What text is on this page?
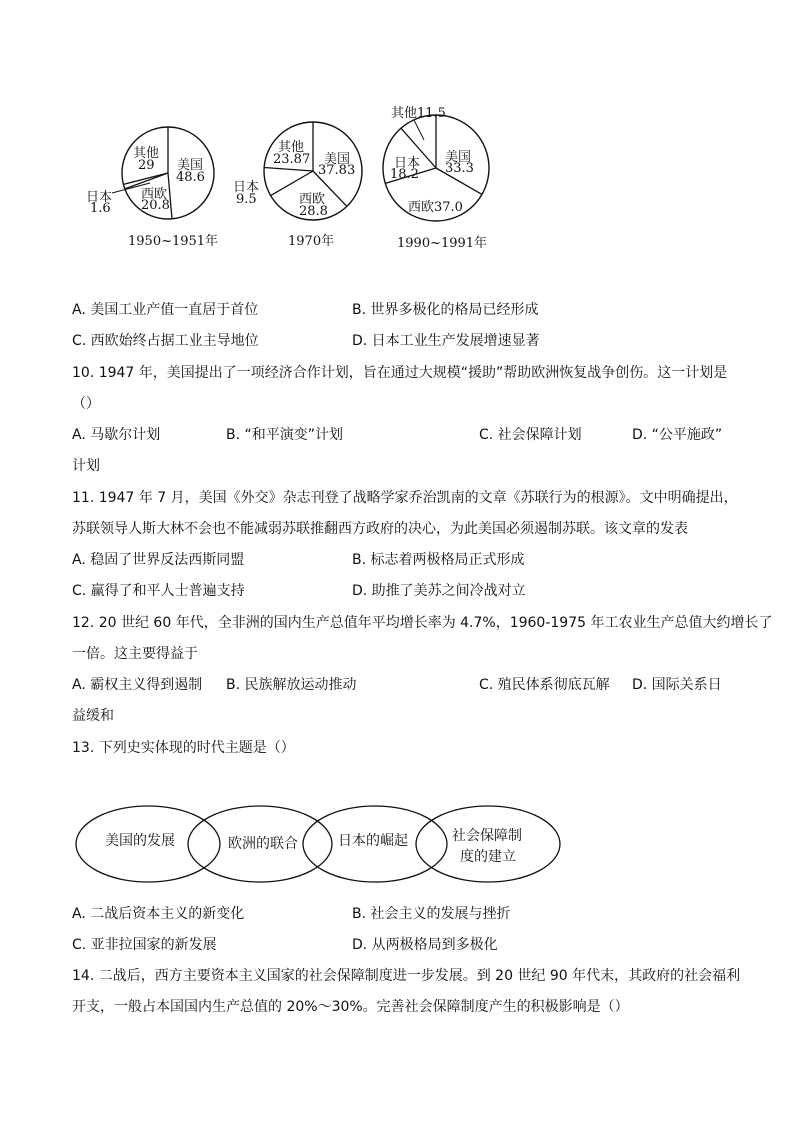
其他
29 美国
48.6
西欧
20.8
日本
1.6
1950~1951年
其他
23.87 美国
37.83
西欧
28.8
日本
9.5
1970年
其他11.5
美国
33.3
日本
18.2
西欧37.0
1990~1991年
A. 美国工业产值一直居于首位	B. 世界多极化的格局已经形成
C. 西欧始终占据工业主导地位	D. 日本工业生产发展增速显著
10. 1947 年，美国提出了一项经济合作计划，旨在通过大规模“援助”帮助欧洲恢复战争创伤。这一计划是
（）
A. 马歇尔计划	B. “和平演变”计划	C. 社会保障计划	D. “公平施政”
计划
11. 1947 年 7 月，美国《外交》杂志刊登了战略学家乔治凯南的文章《苏联行为的根源》。文中明确提出，
苏联领导人斯大林不会也不能减弱苏联推翻西方政府的决心，为此美国必须遏制苏联。该文章的发表
A. 稳固了世界反法西斯同盟	B. 标志着两极格局正式形成
C. 赢得了和平人士普遍支持	D. 助推了美苏之间冷战对立
12. 20 世纪 60 年代，全非洲的国内生产总值年平均增长率为 4.7%，1960-1975 年工农业生产总值大约增长了
一倍。这主要得益于
A. 霸权主义得到遏制 B. 民族解放运动推动	C. 殖民体系彻底瓦解 D. 国际关系日
益缓和
13. 下列史实体现的时代主题是（）
美国的发展	欧洲的联合	日本的崛起	社会保障制
度的建立
A. 二战后资本主义的新变化	B. 社会主义的发展与挫折
C. 亚非拉国家的新发展	D. 从两极格局到多极化
14. 二战后，西方主要资本主义国家的社会保障制度进一步发展。到 20 世纪 90 年代末，其政府的社会福利
开支，一般占本国国内生产总值的 20%～30%。完善社会保障制度产生的积极影响是（）
